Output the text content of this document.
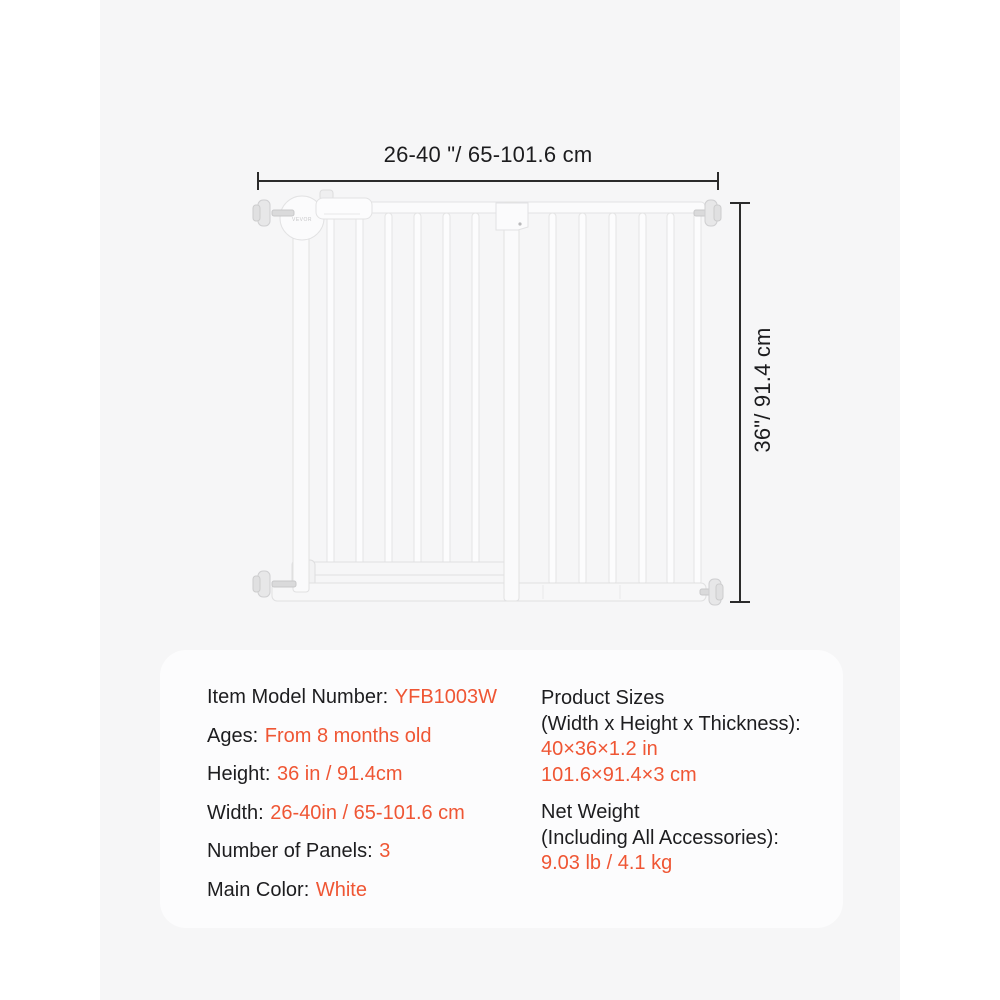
VEVOR
26-40 "/ 65-101.6 cm
36"/ 91.4 cm
Item Model Number: YFB1003W
Ages: From 8 months old
Height: 36 in / 91.4cm
Width: 26-40in / 65-101.6 cm
Number of Panels: 3
Main Color: White
Product Sizes
(Width x Height x Thickness):
40×36×1.2 in
101.6×91.4×3 cm
Net Weight
(Including All Accessories):
9.03 lb / 4.1 kg
